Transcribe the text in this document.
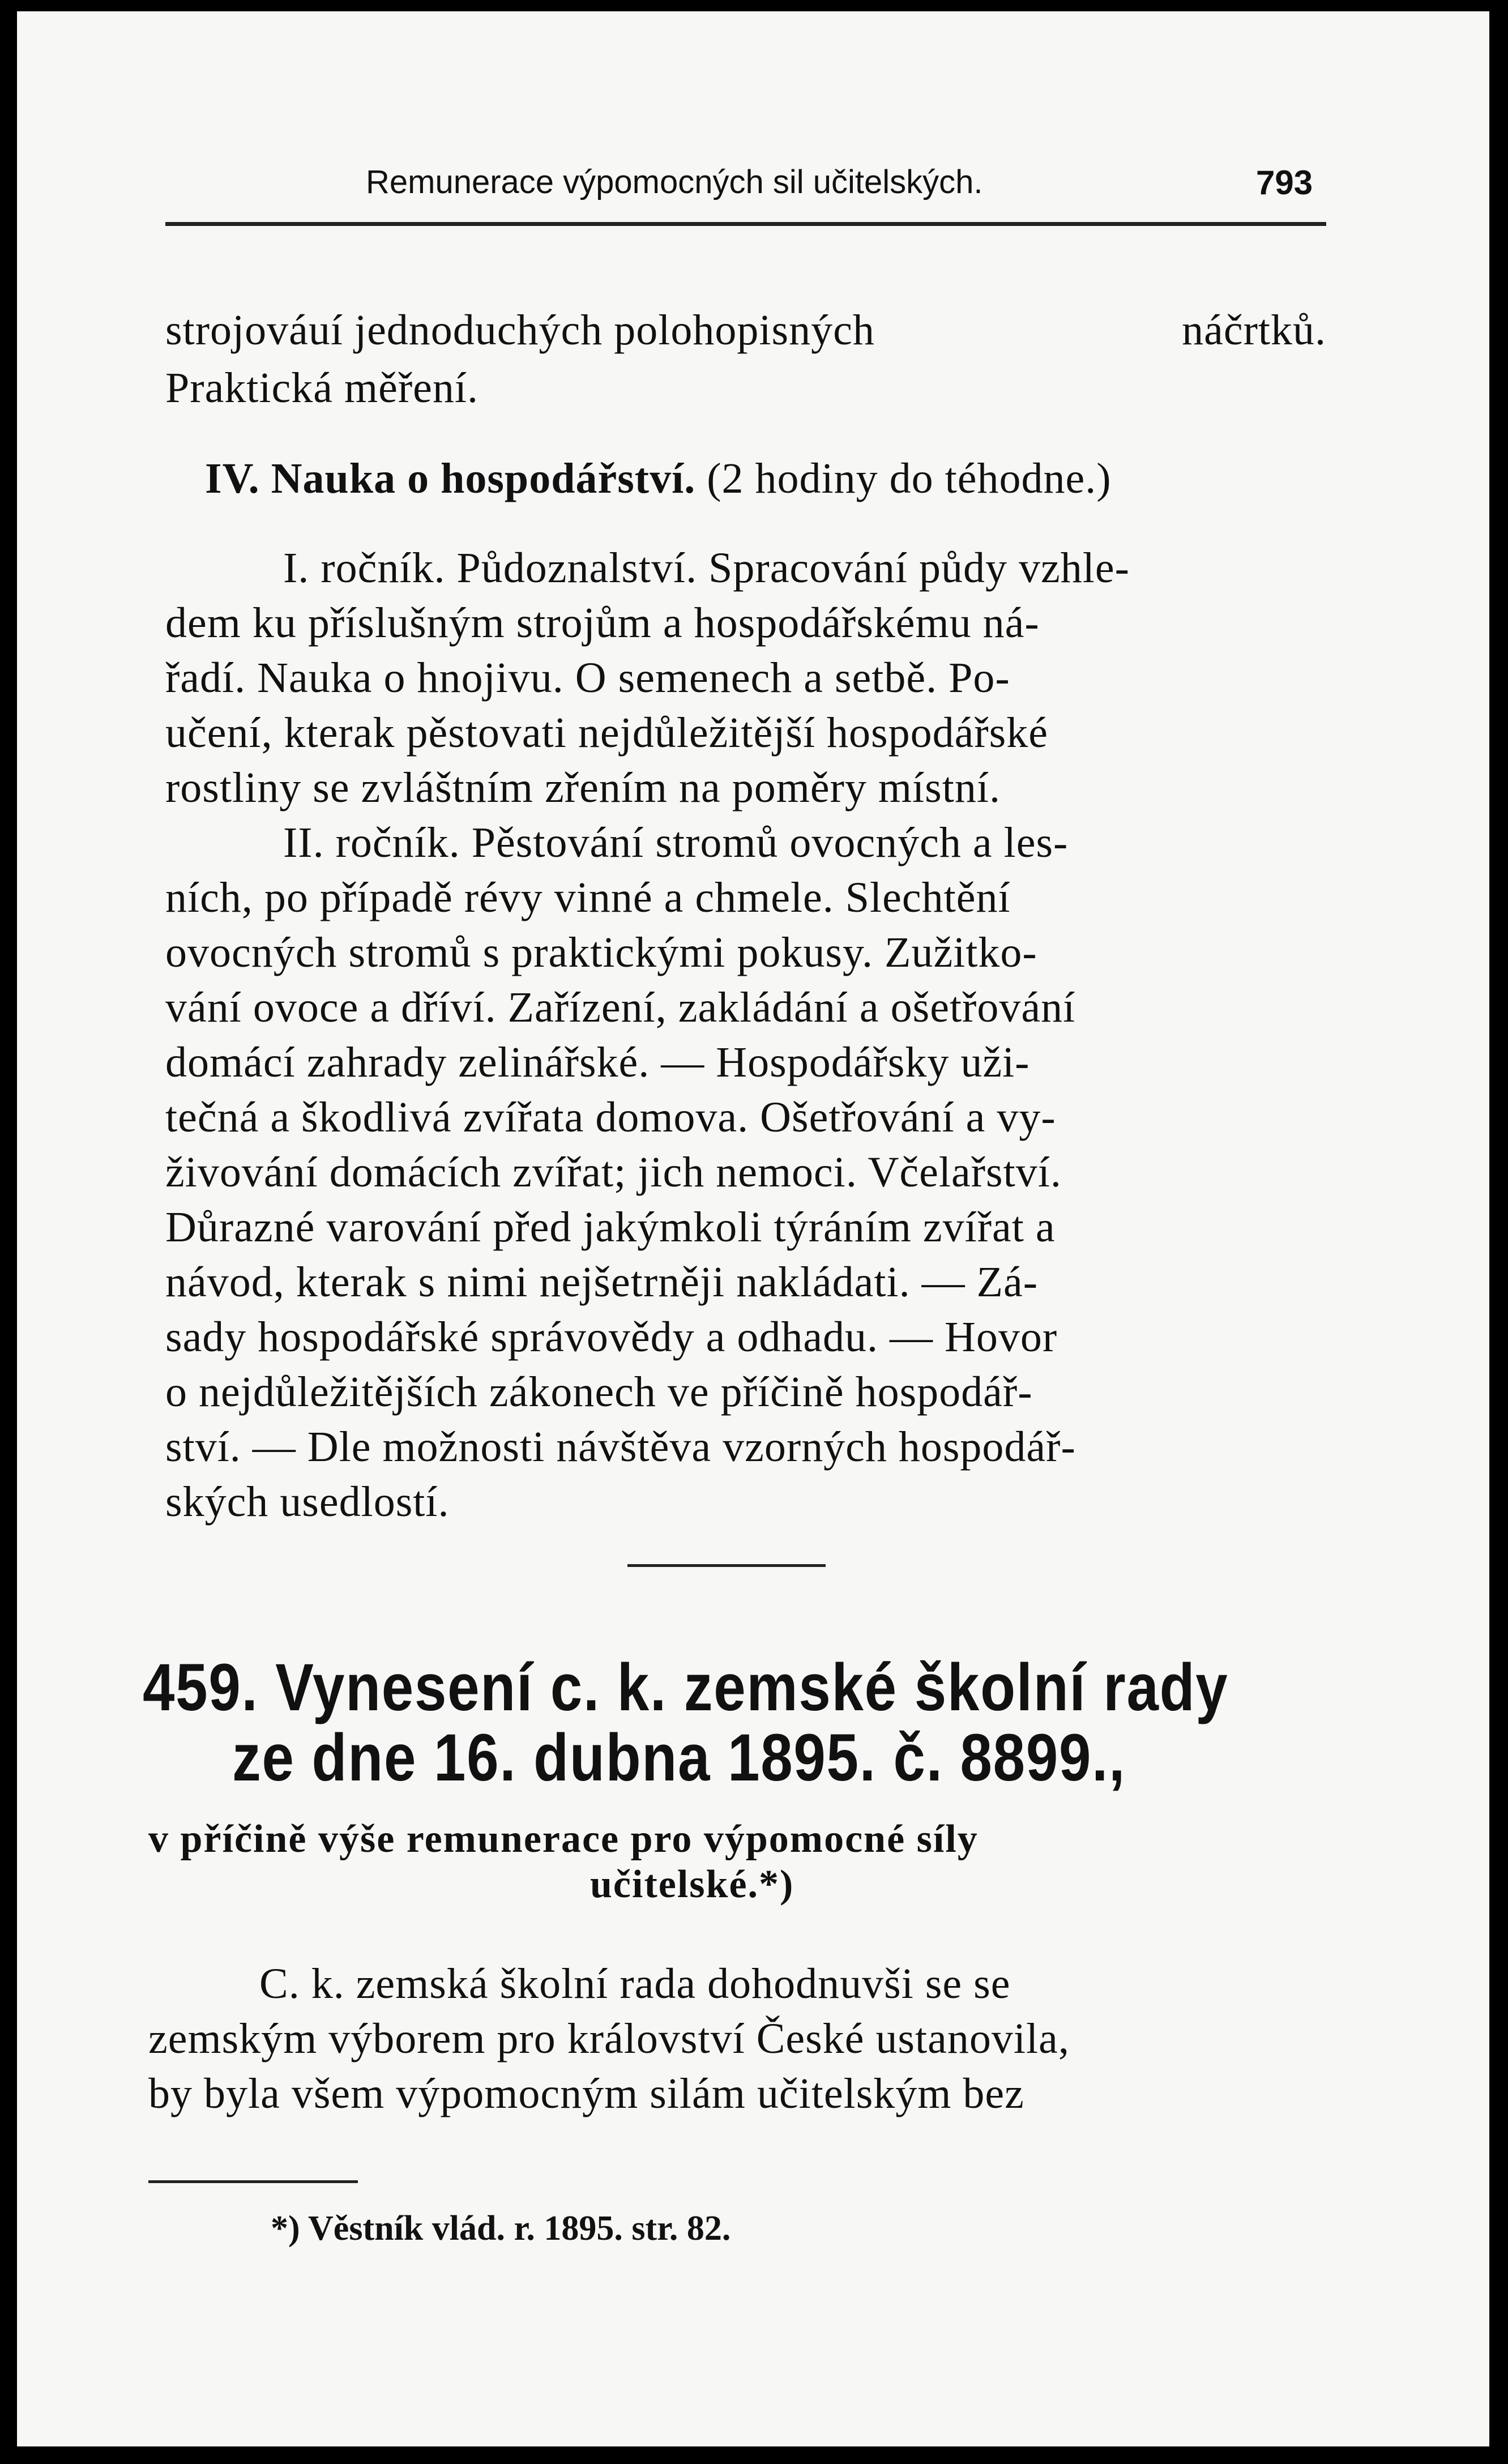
Remunerace výpomocných sil učitelských.	793
strojováuí jednoduchých polohopisných	náčrtků.
Praktická měření.
IV. Nauka o hospodářství. (2 hodiny do téhodne.)
I. ročník. Půdoznalství. Spracování půdy vzhle-
dem ku příslušným strojům a hospodářskému ná-
řadí. Nauka o hnojivu. O semenech a setbě. Po-
učení, kterak pěstovati nejdůležitější hospodářské
rostliny se zvláštním zřením na poměry místní.
II. ročník. Pěstování stromů ovocných a les-
ních, po případě révy vinné a chmele. Slechtění
ovocných stromů s praktickými pokusy. Zužitko-
vání ovoce a dříví. Zařízení, zakládání a ošetřování
domácí zahrady zelinářské. — Hospodářsky uži-
tečná a škodlivá zvířata domova. Ošetřování a vy-
živování domácích zvířat; jich nemoci. Včelařství.
Důrazné varování před jakýmkoli týráním zvířat a
návod, kterak s nimi nejšetrněji nakládati. — Zá-
sady hospodářské správovědy a odhadu. — Hovor
o nejdůležitějších zákonech ve příčině hospodář-
ství. — Dle možnosti návštěva vzorných hospodář-
ských usedlostí.
459. Vynesení c. k. zemské školní rady
ze dne 16. dubna 1895. č. 8899.,
v příčině výše remunerace pro výpomocné síly
učitelské.*)
C. k. zemská školní rada dohodnuvši se se
zemským výborem pro království České ustanovila,
by byla všem výpomocným silám učitelským bez
*) Věstník vlád. r. 1895. str. 82.
